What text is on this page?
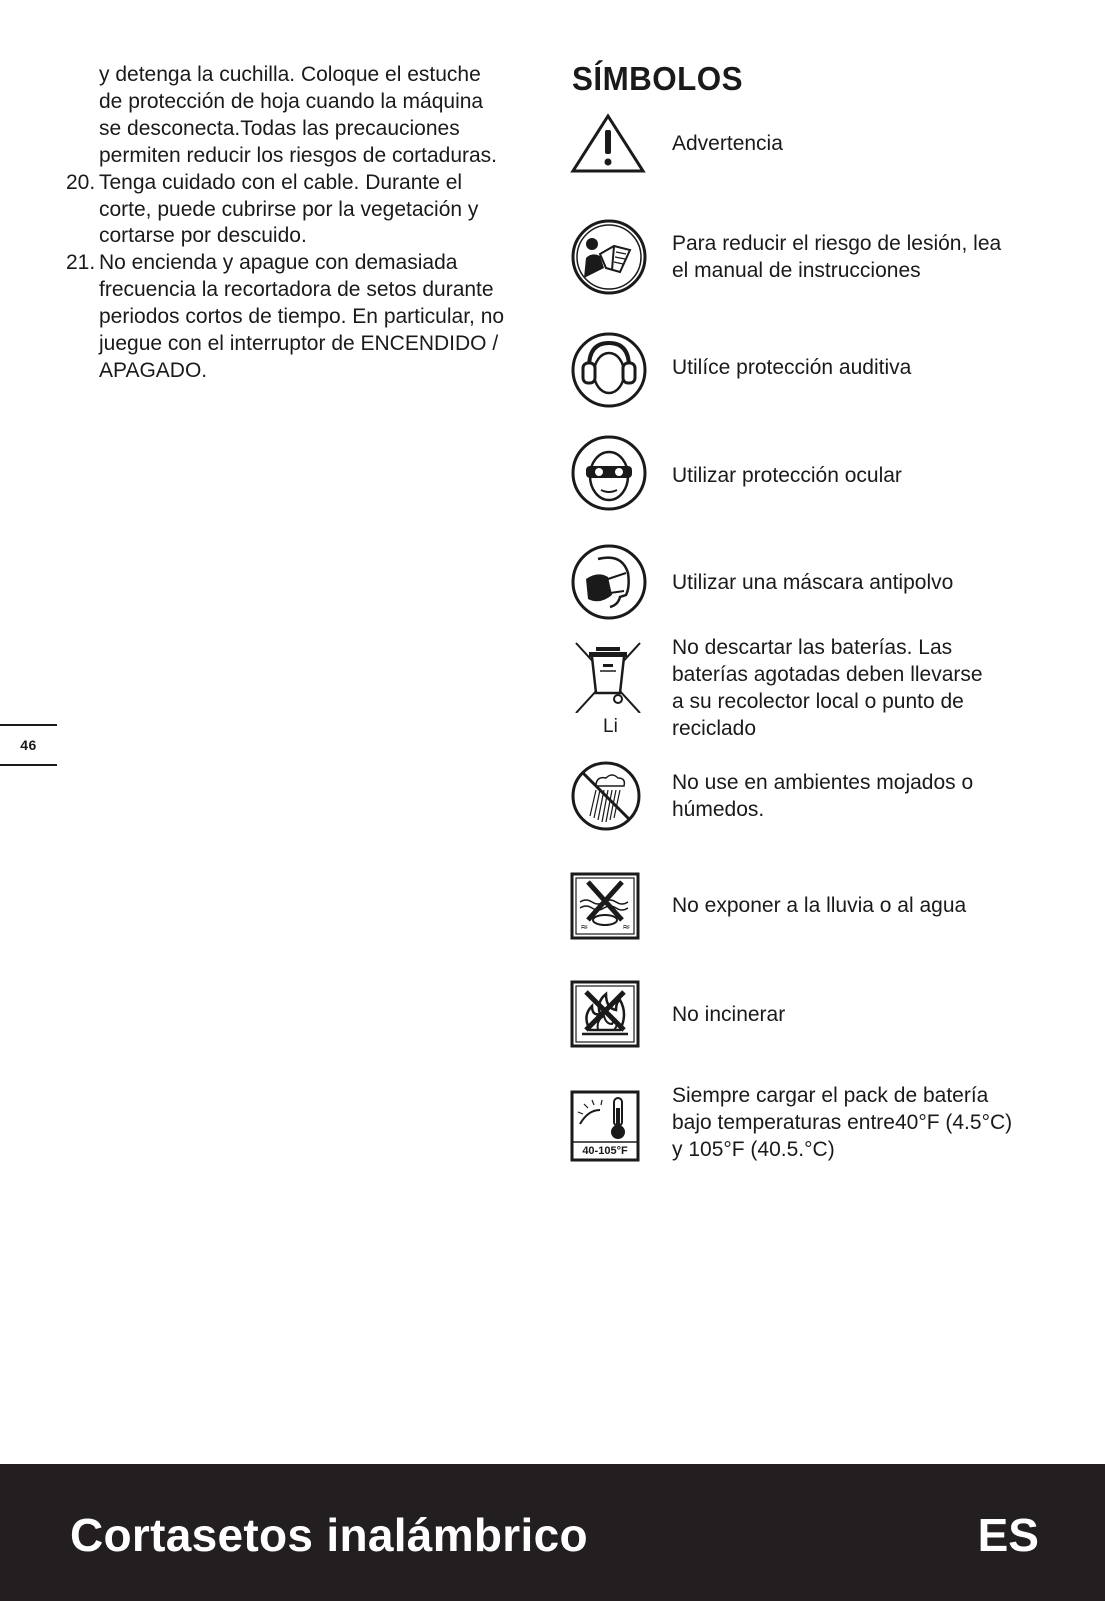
y detenga la cuchilla. Coloque el estuche
de protección de hoja cuando la máquina
se desconecta.Todas las precauciones
permiten reducir los riesgos de cortaduras.
20. Tenga cuidado con el cable. Durante el
corte, puede cubrirse por la vegetación y
cortarse por descuido.
21. No encienda y apague con demasiada
frecuencia la recortadora de setos durante
periodos cortos de tiempo. En particular, no
juegue con el interruptor de ENCENDIDO /
APAGADO.
46
SÍMBOLOS
Advertencia
Para reducir el riesgo de lesión, lea
el manual de instrucciones
Utilíce protección auditiva
Utilizar protección ocular
Utilizar una máscara antipolvo
Li
No descartar las baterías. Las
baterías agotadas deben llevarse
a su recolector local o punto de
reciclado
No use en ambientes mojados o
húmedos.
≈	≈
No exponer a la lluvia o al agua
No incinerar
40-105°F
Siempre cargar el pack de batería
bajo temperaturas entre40°F (4.5°C)
y 105°F (40.5.°C)
Cortasetos inalámbrico	ES
